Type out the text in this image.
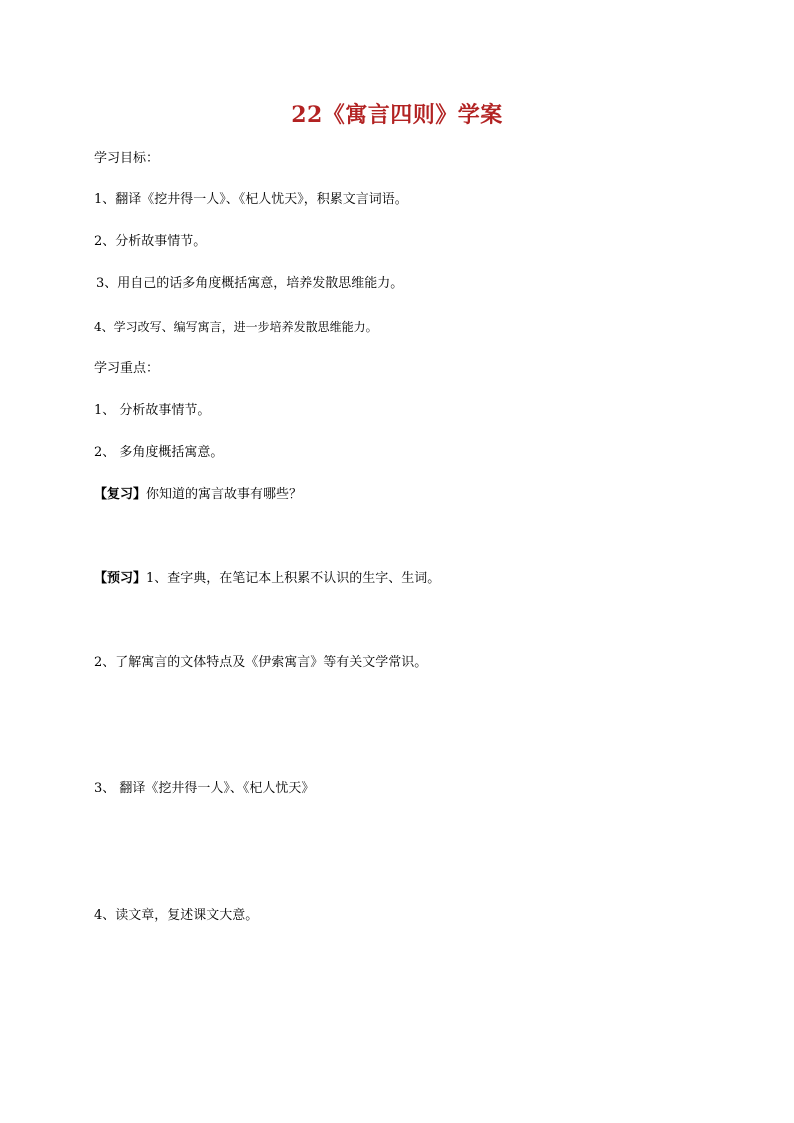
22《寓言四则》学案
学习目标：
1、翻译《挖井得一人》、《杞人忧天》，积累文言词语。
2、分析故事情节。
3、用自己的话多角度概括寓意，培养发散思维能力。
4、学习改写、编写寓言，进一步培养发散思维能力。
学习重点：
1、 分析故事情节。
2、 多角度概括寓意。
【复习】你知道的寓言故事有哪些？
【预习】1、查字典，在笔记本上积累不认识的生字、生词。
2、了解寓言的文体特点及《伊索寓言》等有关文学常识。
3、 翻译《挖井得一人》、《杞人忧天》
4、读文章，复述课文大意。
